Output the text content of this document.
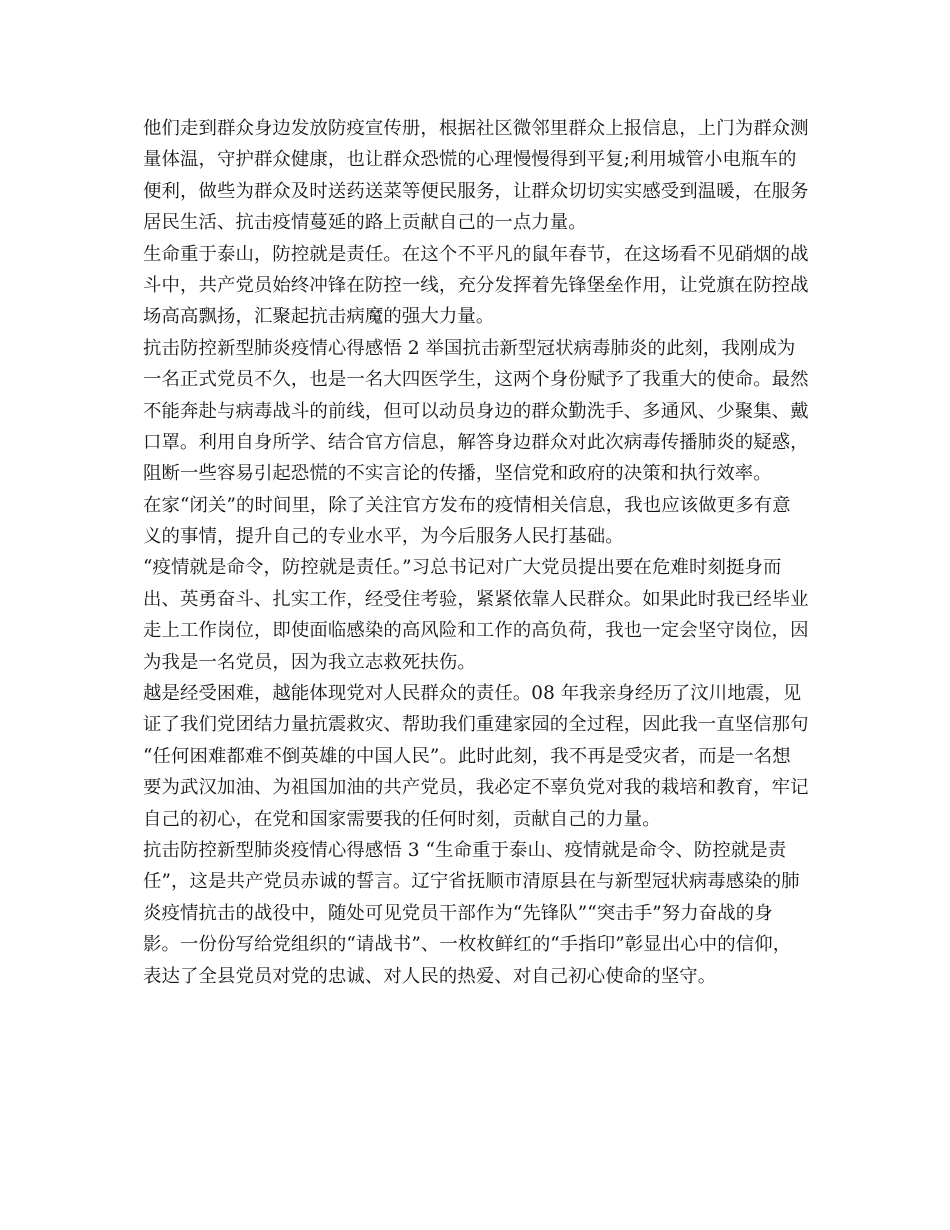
他们走到群众身边发放防疫宣传册，根据社区微邻里群众上报信息，上门为群众测
量体温，守护群众健康，也让群众恐慌的心理慢慢得到平复;利用城管小电瓶车的
便利，做些为群众及时送药送菜等便民服务，让群众切切实实感受到温暖，在服务
居民生活、抗击疫情蔓延的路上贡献自己的一点力量。
生命重于泰山，防控就是责任。在这个不平凡的鼠年春节，在这场看不见硝烟的战
斗中，共产党员始终冲锋在防控一线，充分发挥着先锋堡垒作用，让党旗在防控战
场高高飘扬，汇聚起抗击病魔的强大力量。
抗击防控新型肺炎疫情心得感悟 2 举国抗击新型冠状病毒肺炎的此刻，我刚成为
一名正式党员不久，也是一名大四医学生，这两个身份赋予了我重大的使命。最然
不能奔赴与病毒战斗的前线，但可以动员身边的群众勤洗手、多通风、少聚集、戴
口罩。利用自身所学、结合官方信息，解答身边群众对此次病毒传播肺炎的疑惑，
阻断一些容易引起恐慌的不实言论的传播，坚信党和政府的决策和执行效率。
在家“闭关”的时间里，除了关注官方发布的疫情相关信息，我也应该做更多有意
义的事情，提升自己的专业水平，为今后服务人民打基础。
“疫情就是命令，防控就是责任。”习总书记对广大党员提出要在危难时刻挺身而
出、英勇奋斗、扎实工作，经受住考验，紧紧依靠人民群众。如果此时我已经毕业
走上工作岗位，即使面临感染的高风险和工作的高负荷，我也一定会坚守岗位，因
为我是一名党员，因为我立志救死扶伤。
越是经受困难，越能体现党对人民群众的责任。08 年我亲身经历了汶川地震，见
证了我们党团结力量抗震救灾、帮助我们重建家园的全过程，因此我一直坚信那句
“任何困难都难不倒英雄的中国人民”。此时此刻，我不再是受灾者，而是一名想
要为武汉加油、为祖国加油的共产党员，我必定不辜负党对我的栽培和教育，牢记
自己的初心，在党和国家需要我的任何时刻，贡献自己的力量。
抗击防控新型肺炎疫情心得感悟 3 “生命重于泰山、疫情就是命令、防控就是责
任”，这是共产党员赤诚的誓言。辽宁省抚顺市清原县在与新型冠状病毒感染的肺
炎疫情抗击的战役中，随处可见党员干部作为“先锋队”“突击手”努力奋战的身
影。一份份写给党组织的“请战书”、一枚枚鲜红的“手指印”彰显出心中的信仰，
表达了全县党员对党的忠诚、对人民的热爱、对自己初心使命的坚守。
